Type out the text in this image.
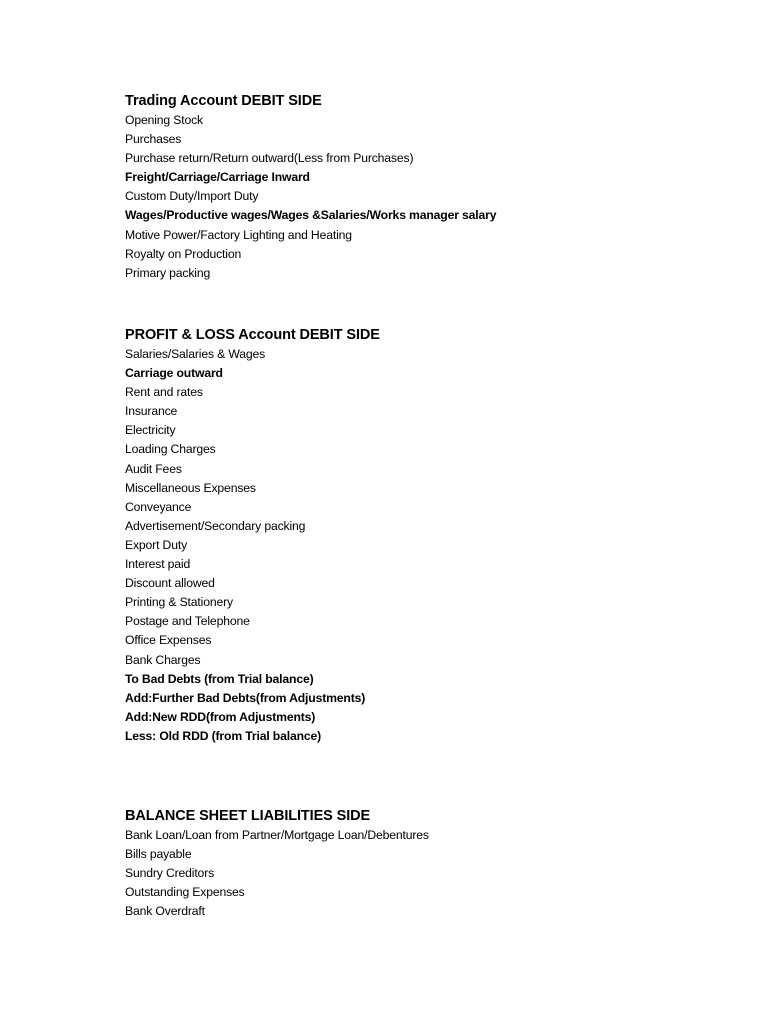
Trading Account DEBIT SIDE
Opening Stock
Purchases
Purchase return/Return outward(Less from Purchases)
Freight/Carriage/Carriage Inward
Custom Duty/Import Duty
Wages/Productive wages/Wages &Salaries/Works manager salary
Motive Power/Factory Lighting and Heating
Royalty on Production
Primary packing
PROFIT & LOSS Account DEBIT SIDE
Salaries/Salaries & Wages
Carriage outward
Rent and rates
Insurance
Electricity
Loading Charges
Audit Fees
Miscellaneous Expenses
Conveyance
Advertisement/Secondary packing
Export Duty
Interest paid
Discount allowed
Printing & Stationery
Postage and Telephone
Office Expenses
Bank Charges
To Bad Debts (from Trial balance)
Add:Further Bad Debts(from Adjustments)
Add:New RDD(from Adjustments)
Less: Old RDD (from Trial balance)
BALANCE SHEET LIABILITIES SIDE
Bank Loan/Loan from Partner/Mortgage Loan/Debentures
Bills payable
Sundry Creditors
Outstanding Expenses
Bank Overdraft
